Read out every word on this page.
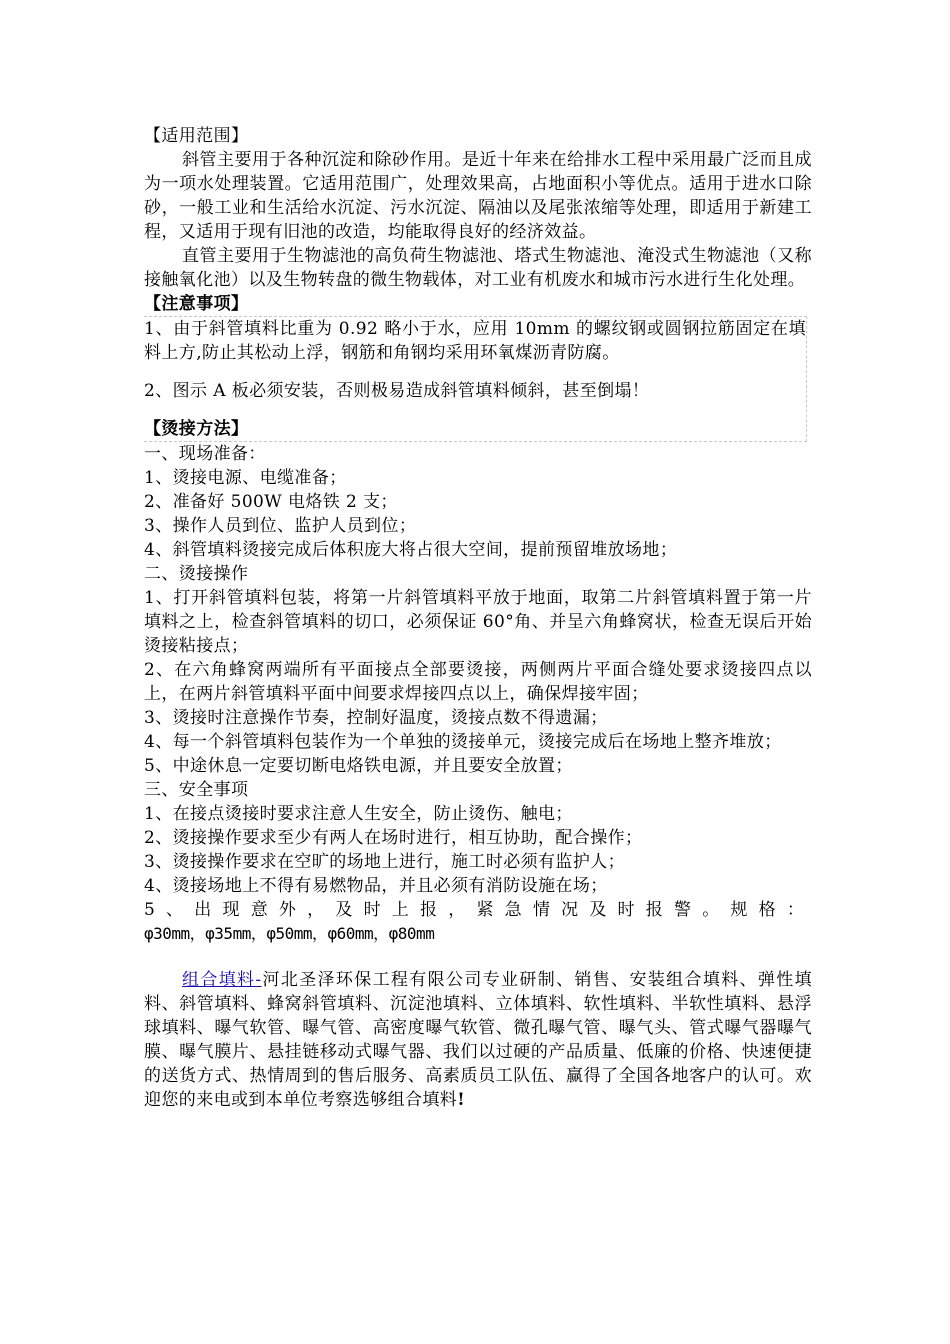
【适用范围】
斜管主要用于各种沉淀和除砂作用。是近十年来在给排水工程中采用最广泛而且成为一项水处理装置。它适用范围广，处理效果高，占地面积小等优点。适用于进水口除砂，一般工业和生活给水沉淀、污水沉淀、隔油以及尾张浓缩等处理，即适用于新建工程，又适用于现有旧池的改造，均能取得良好的经济效益。
直管主要用于生物滤池的高负荷生物滤池、塔式生物滤池、淹没式生物滤池（又称接触氧化池）以及生物转盘的微生物载体，对工业有机废水和城市污水进行生化处理。
【注意事项】

1、由于斜管填料比重为 0.92 略小于水，应用 10mm 的螺纹钢或圆钢拉筋固定在填料上方,防止其松动上浮，钢筋和角钢均采用环氧煤沥青防腐。

2、图示 A 板必须安装，否则极易造成斜管填料倾斜，甚至倒塌！

【烫接方法】
一、现场准备：
1、烫接电源、电缆准备；
2、准备好 500W 电烙铁 2 支；
3、操作人员到位、监护人员到位；
4、斜管填料烫接完成后体积庞大将占很大空间，提前预留堆放场地；
二、烫接操作
1、打开斜管填料包装，将第一片斜管填料平放于地面，取第二片斜管填料置于第一片填料之上，检查斜管填料的切口，必须保证 60°角、并呈六角蜂窝状，检查无误后开始烫接粘接点；
2、在六角蜂窝两端所有平面接点全部要烫接，两侧两片平面合缝处要求烫接四点以上，在两片斜管填料平面中间要求焊接四点以上，确保焊接牢固；
3、烫接时注意操作节奏，控制好温度，烫接点数不得遗漏；
4、每一个斜管填料包装作为一个单独的烫接单元，烫接完成后在场地上整齐堆放；
5、中途休息一定要切断电烙铁电源，并且要安全放置；
三、安全事项
1、在接点烫接时要求注意人生安全，防止烫伤、触电；
2、烫接操作要求至少有两人在场时进行，相互协助，配合操作；
3、烫接操作要求在空旷的场地上进行，施工时必须有监护人；
4、烫接场地上不得有易燃物品，并且必须有消防设施在场；
5 、 出 现 意 外 ， 及 时 上 报 ， 紧 急 情 况 及 时 报 警 。 规 格 ：
φ30mm，φ35mm，φ50mm，φ60mm，φ80mm
组合填料-河北圣泽环保工程有限公司专业研制、销售、安装组合填料、弹性填料、斜管填料、蜂窝斜管填料、沉淀池填料、立体填料、软性填料、半软性填料、悬浮球填料、曝气软管、曝气管、高密度曝气软管、微孔曝气管、曝气头、管式曝气器曝气膜、曝气膜片、悬挂链移动式曝气器、我们以过硬的产品质量、低廉的价格、快速便捷的送货方式、热情周到的售后服务、高素质员工队伍、赢得了全国各地客户的认可。欢迎您的来电或到本单位考察选够组合填料!
